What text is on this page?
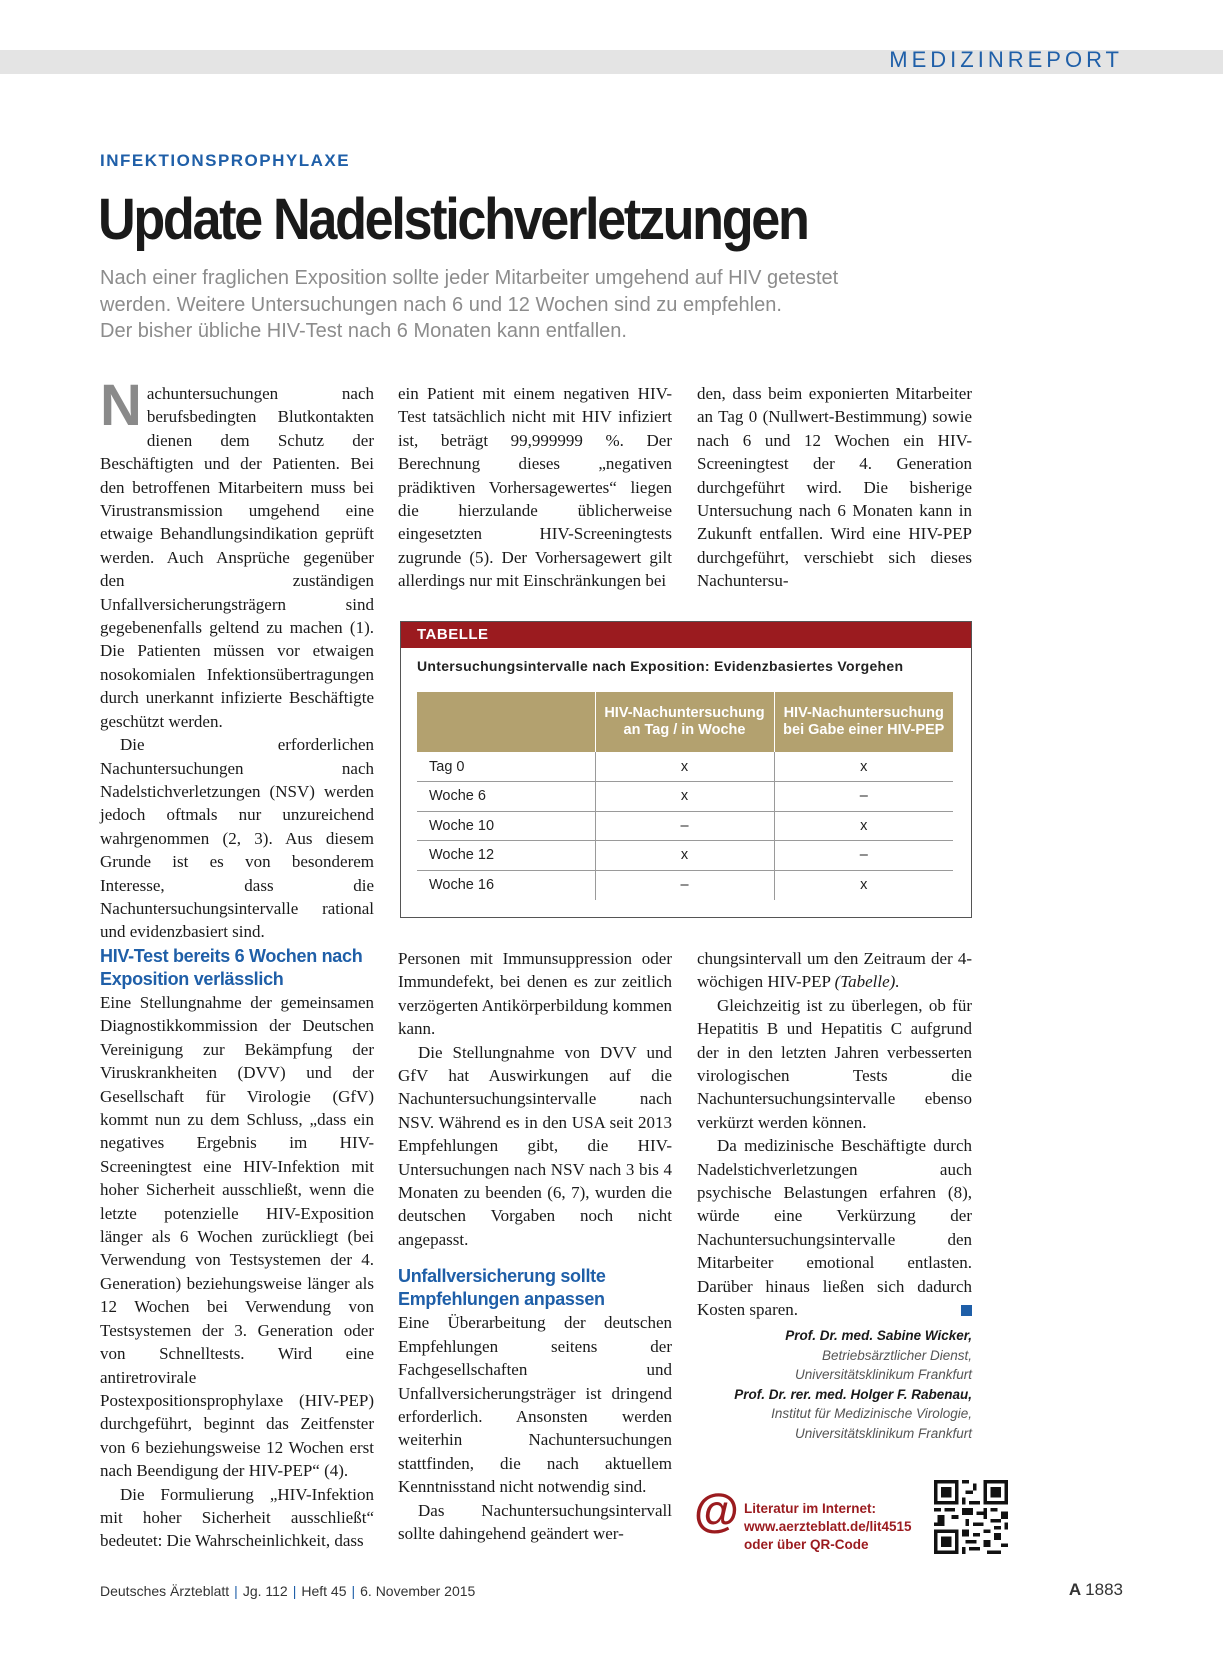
MEDIZINREPORT
INFEKTIONSPROPHYLAXE
Update Nadelstichverletzungen
Nach einer fraglichen Exposition sollte jeder Mitarbeiter umgehend auf HIV getestet
werden. Weitere Untersuchungen nach 6 und 12 Wochen sind zu empfehlen.
Der bisher übliche HIV-Test nach 6 Monaten kann entfallen.

Nachuntersuchungen nach berufsbedingten Blutkontakten dienen dem Schutz der Beschäftigten und der Patienten. Bei den betroffenen Mitarbeitern muss bei Virustransmission umgehend eine etwaige Behandlungsindikation geprüft werden. Auch Ansprüche gegenüber den zuständigen Unfallversicherungsträgern sind gegebenenfalls geltend zu machen (1). Die Patienten müssen vor etwaigen nosokomialen Infektionsübertragungen durch unerkannt infizierte Beschäftigte geschützt werden.

Die erforderlichen Nachuntersuchungen nach Nadelstichverletzungen (NSV) werden jedoch oftmals nur unzureichend wahrgenommen (2, 3). Aus diesem Grunde ist es von besonderem Interesse, dass die Nachuntersuchungsintervalle rational und evidenzbasiert sind.

ein Patient mit einem negativen HIV-Test tatsächlich nicht mit HIV infiziert ist, beträgt 99,999999 %. Der Berechnung dieses „negativen prädiktiven Vorhersagewertes“ liegen die hierzulande üblicherweise eingesetzten HIV-Screeningtests zugrunde (5). Der Vorhersagewert gilt allerdings nur mit Einschränkungen bei

den, dass beim exponierten Mitarbeiter an Tag 0 (Nullwert-Bestimmung) sowie nach 6 und 12 Wochen ein HIV-Screeningtest der 4. Generation durchgeführt wird. Die bisherige Untersuchung nach 6 Monaten kann in Zukunft entfallen. Wird eine HIV-PEP durchgeführt, verschiebt sich dieses Nachuntersu-

TABELLE
Untersuchungsintervalle nach Exposition: Evidenzbasiertes Vorgehen
	HIV-Nachuntersuchung an Tag / in Woche	HIV-Nachuntersuchung bei Gabe einer HIV-PEP
Tag 0	x	x
Woche 6	x	–
Woche 10	–	x
Woche 12	x	–
Woche 16	–	x
HIV-Test bereits 6 Wochen nach Exposition verlässlich

Eine Stellungnahme der gemeinsamen Diagnostikkommission der Deutschen Vereinigung zur Bekämpfung der Viruskrankheiten (DVV) und der Gesellschaft für Virologie (GfV) kommt nun zu dem Schluss, „dass ein negatives Ergebnis im HIV-Screeningtest eine HIV-Infektion mit hoher Sicherheit ausschließt, wenn die letzte potenzielle HIV-Exposition länger als 6 Wochen zurückliegt (bei Verwendung von Testsystemen der 4. Generation) beziehungsweise länger als 12 Wochen bei Verwendung von Testsystemen der 3. Generation oder von Schnelltests. Wird eine antiretrovirale Postexpositionsprophylaxe (HIV-PEP) durchgeführt, beginnt das Zeitfenster von 6 beziehungsweise 12 Wochen erst nach Beendigung der HIV-PEP“ (4).

Die Formulierung „HIV-Infektion mit hoher Sicherheit ausschließt“ bedeutet: Die Wahrscheinlichkeit, dass

Personen mit Immunsuppression oder Immundefekt, bei denen es zur zeitlich verzögerten Antikörperbildung kommen kann.

Die Stellungnahme von DVV und GfV hat Auswirkungen auf die Nachuntersuchungsintervalle nach NSV. Während es in den USA seit 2013 Empfehlungen gibt, die HIV-Untersuchungen nach NSV nach 3 bis 4 Monaten zu beenden (6, 7), wurden die deutschen Vorgaben noch nicht angepasst.

Unfallversicherung sollte Empfehlungen anpassen

Eine Überarbeitung der deutschen Empfehlungen seitens der Fachgesellschaften und Unfallversicherungsträger ist dringend erforderlich. Ansonsten werden weiterhin Nachuntersuchungen stattfinden, die nach aktuellem Kenntnisstand nicht notwendig sind.

Das Nachuntersuchungsintervall sollte dahingehend geändert wer-

chungsintervall um den Zeitraum der 4-wöchigen HIV-PEP (Tabelle).

Gleichzeitig ist zu überlegen, ob für Hepatitis B und Hepatitis C aufgrund der in den letzten Jahren verbesserten virologischen Tests die Nachuntersuchungsintervalle ebenso verkürzt werden können.

Da medizinische Beschäftigte durch Nadelstichverletzungen auch psychische Belastungen erfahren (8), würde eine Verkürzung der Nachuntersuchungsintervalle den Mitarbeiter emotional entlasten. Darüber hinaus ließen sich dadurch Kosten sparen.

Prof. Dr. med. Sabine Wicker,
Betriebsärztlicher Dienst,
Universitätsklinikum Frankfurt
Prof. Dr. rer. med. Holger F. Rabenau,
Institut für Medizinische Virologie,
Universitätsklinikum Frankfurt
@ Literatur im Internet:
www.aerzteblatt.de/lit4515
oder über QR-Code
Deutsches Ärzteblatt | Jg. 112 | Heft 45 | 6. November 2015	A 1883
